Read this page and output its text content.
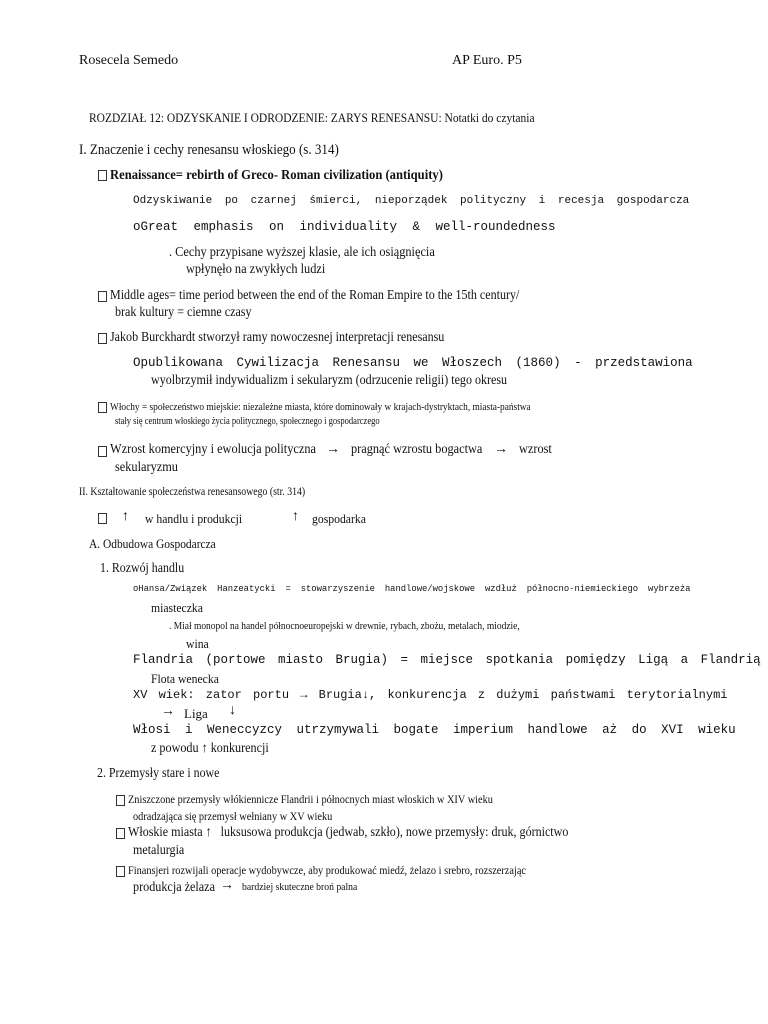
Rosecela Semedo	AP Euro. P5
ROZDZIAŁ 12: ODZYSKANIE I ODRODZENIE: ZARYS RENESANSU: Notatki do czytania
I. Znaczenie i cechy renesansu włoskiego (s. 314)
Renaissance= rebirth of Greco- Roman civilization (antiquity)
Odzyskiwanie po czarnej śmierci, nieporządek polityczny i recesja gospodarcza
oGreat emphasis on individuality & well-roundedness
. Cechy przypisane wyższej klasie, ale ich osiągnięcia
wpłynęło na zwykłych ludzi
Middle ages= time period between the end of the Roman Empire to the 15th century/
brak kultury = ciemne czasy
Jakob Burckhardt stworzył ramy nowoczesnej interpretacji renesansu
Opublikowana Cywilizacja Renesansu we Włoszech (1860) - przedstawiona
wyolbrzymił indywidualizm i sekularyzm (odrzucenie religii) tego okresu
Włochy = społeczeństwo miejskie: niezależne miasta, które dominowały w krajach-dystryktach, miasta-państwa
stały się centrum włoskiego życia politycznego, społecznego i gospodarczego
Wzrost komercyjny i ewolucja polityczna → pragnąć wzrostu bogactwa → wzrost
sekularyzmu
II. Kształtowanie społeczeństwa renesansowego (str. 314)
↑ w handlu i produkcji	↑ gospodarka
A. Odbudowa Gospodarcza
1. Rozwój handlu
oHansa/Związek Hanzeatycki = stowarzyszenie handlowe/wojskowe wzdłuż północno-niemieckiego wybrzeża
miasteczka
. Miał monopol na handel północnoeuropejski w drewnie, rybach, zbożu, metalach, miodzie,
wina
Flandria (portowe miasto Brugia) = miejsce spotkania pomiędzy Ligą a Flandrią
Flota wenecka
XV wiek: zator portu → Brugia↓, konkurencja z dużymi państwami terytorialnymi
→ Liga ↓
Włosi i Weneccyzcy utrzymywali bogate imperium handlowe aż do XVI wieku
z powodu ↑ konkurencji
2. Przemysły stare i nowe
Zniszczone przemysły włókiennicze Flandrii i północnych miast włoskich w XIV wieku
odradzająca się przemysł wełniany w XV wieku
Włoskie miasta ↑   luksusowa produkcja (jedwab, szkło), nowe przemysły: druk, górnictwo
metalurgia
Finansjeri rozwijali operacje wydobywcze, aby produkować miedź, żelazo i srebro, rozszerzając
produkcja żelaza → bardziej skuteczne broń palna
